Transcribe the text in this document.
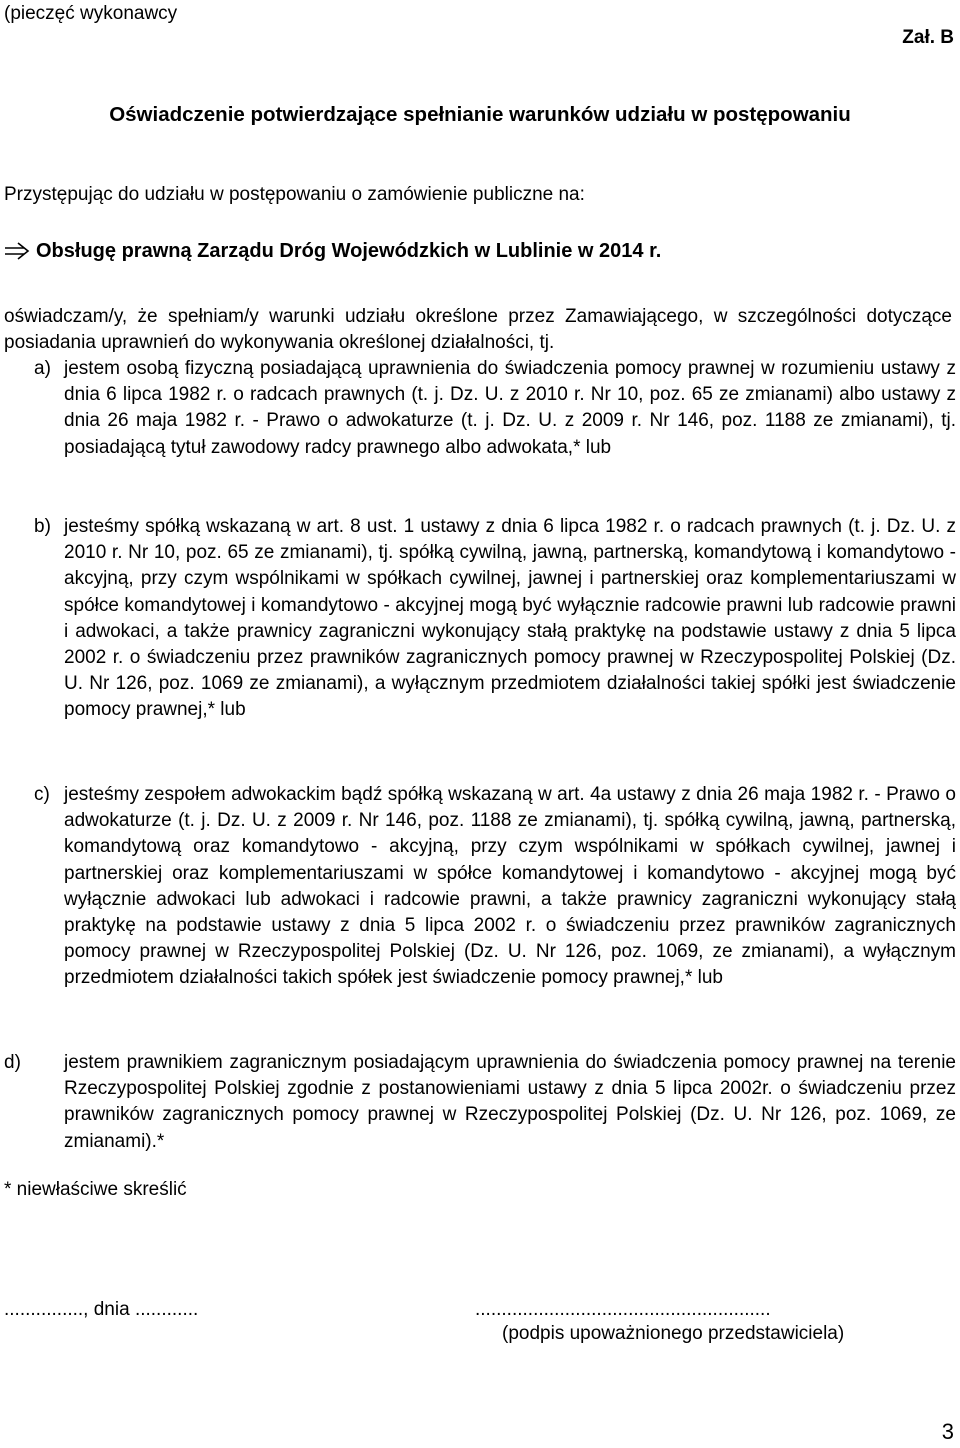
(pieczęć wykonawcy
Zał. B
Oświadczenie potwierdzające spełnianie warunków udziału w postępowaniu
Przystępując do udziału w postępowaniu o zamówienie publiczne na:
Obsługę prawną Zarządu Dróg Wojewódzkich w Lublinie w 2014 r.
oświadczam/y, że spełniam/y warunki udziału określone przez Zamawiającego, w szczególności dotyczące posiadania uprawnień do wykonywania określonej działalności, tj.
a) jestem osobą fizyczną posiadającą uprawnienia do świadczenia pomocy prawnej w rozumieniu ustawy z dnia 6 lipca 1982 r. o radcach prawnych (t. j. Dz. U. z 2010 r. Nr 10, poz. 65 ze zmianami) albo ustawy z dnia 26 maja 1982 r. - Prawo o adwokaturze (t. j. Dz. U. z 2009 r. Nr 146, poz. 1188 ze zmianami), tj. posiadającą tytuł zawodowy radcy prawnego albo adwokata,* lub
b) jesteśmy spółką wskazaną w art. 8 ust. 1 ustawy z dnia 6 lipca 1982 r. o radcach prawnych (t. j. Dz. U. z 2010 r. Nr 10, poz. 65 ze zmianami), tj. spółką cywilną, jawną, partnerską, komandytową i komandytowo - akcyjną, przy czym wspólnikami w spółkach cywilnej, jawnej i partnerskiej oraz komplementariuszami w spółce komandytowej i komandytowo - akcyjnej mogą być wyłącznie radcowie prawni lub radcowie prawni i adwokaci, a także prawnicy zagraniczni wykonujący stałą praktykę na podstawie ustawy z dnia 5 lipca 2002 r. o świadczeniu przez prawników zagranicznych pomocy prawnej w Rzeczypospolitej Polskiej (Dz. U. Nr 126, poz. 1069 ze zmianami), a wyłącznym przedmiotem działalności takiej spółki jest świadczenie pomocy prawnej,* lub
c) jesteśmy zespołem adwokackim bądź spółką wskazaną w art. 4a ustawy z dnia 26 maja 1982 r. - Prawo o adwokaturze (t. j. Dz. U. z 2009 r. Nr 146, poz. 1188 ze zmianami), tj. spółką cywilną, jawną, partnerską, komandytową oraz komandytowo - akcyjną, przy czym wspólnikami w spółkach cywilnej, jawnej i partnerskiej oraz komplementariuszami w spółce komandytowej i komandytowo - akcyjnej mogą być wyłącznie adwokaci lub adwokaci i radcowie prawni, a także prawnicy zagraniczni wykonujący stałą praktykę na podstawie ustawy z dnia 5 lipca 2002 r. o świadczeniu przez prawników zagranicznych pomocy prawnej w Rzeczypospolitej Polskiej (Dz. U. Nr 126, poz. 1069, ze zmianami), a wyłącznym przedmiotem działalności takich spółek jest świadczenie pomocy prawnej,* lub
d)	jestem prawnikiem zagranicznym posiadającym uprawnienia do świadczenia pomocy prawnej na terenie Rzeczypospolitej Polskiej zgodnie z postanowieniami ustawy z dnia 5 lipca 2002r. o świadczeniu przez prawników zagranicznych pomocy prawnej w Rzeczypospolitej Polskiej (Dz. U. Nr 126, poz. 1069, ze zmianami).*
* niewłaściwe skreślić
..............., dnia ............	........................................................
(podpis upoważnionego przedstawiciela)
3
